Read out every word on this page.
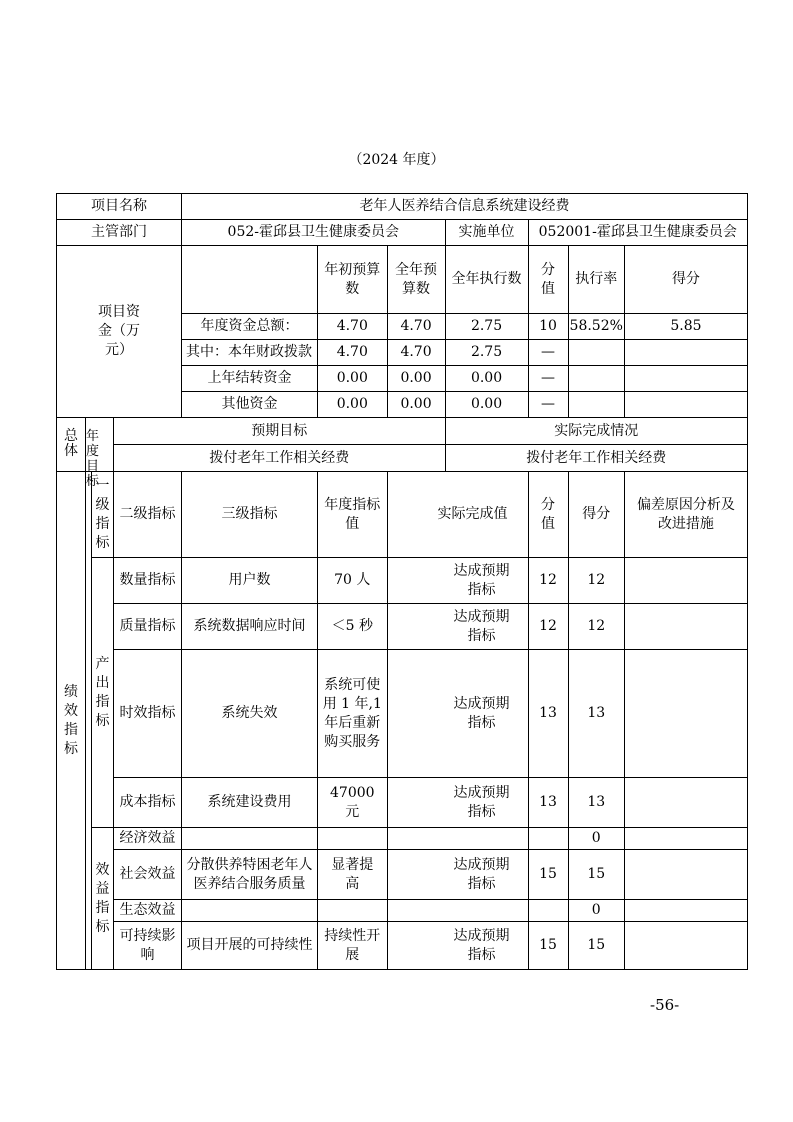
（2024 年度）
项目名称				老年人医养结合信息系统建设经费						
主管部门				052-霍邱县卫生健康委员会			实施单位	052001-霍邱县卫生健康委员会		
项目资金（万元）					年初预算数	全年预算数	全年执行数	分值	执行率	得分
				年度资金总额：	4.70	4.70	2.75	10	58.52%	5.85
				其中：本年财政拨款	4.70	4.70	2.75	—		
				上年结转资金	0.00	0.00	0.00	—		
				其他资金	0.00	0.00	0.00	—		

总体	年度目标		预期目标				实际完成情况			
			拨付老年工作相关经费				拨付老年工作相关经费			
绩效指标		一级指标	二级指标	三级指标	年度指标值	实际完成值		分值	得分	偏差原因分析及改进措施
		产出指标	数量指标	用户数	70 人	达成预期指标		12	12	
			质量指标	系统数据响应时间	＜5 秒	达成预期指标		12	12	
			时效指标	系统失效	系统可使用 1 年,1 年后重新购买服务	达成预期指标		13	13	
			成本指标	系统建设费用	47000 元	达成预期指标		13	13	
		效益指标	经济效益						0	
			社会效益	分散供养特困老年人医养结合服务质量	显著提高	达成预期指标		15	15	
			生态效益						0	
			可持续影响	项目开展的可持续性	持续性开展	达成预期指标		15	15	
-56-
